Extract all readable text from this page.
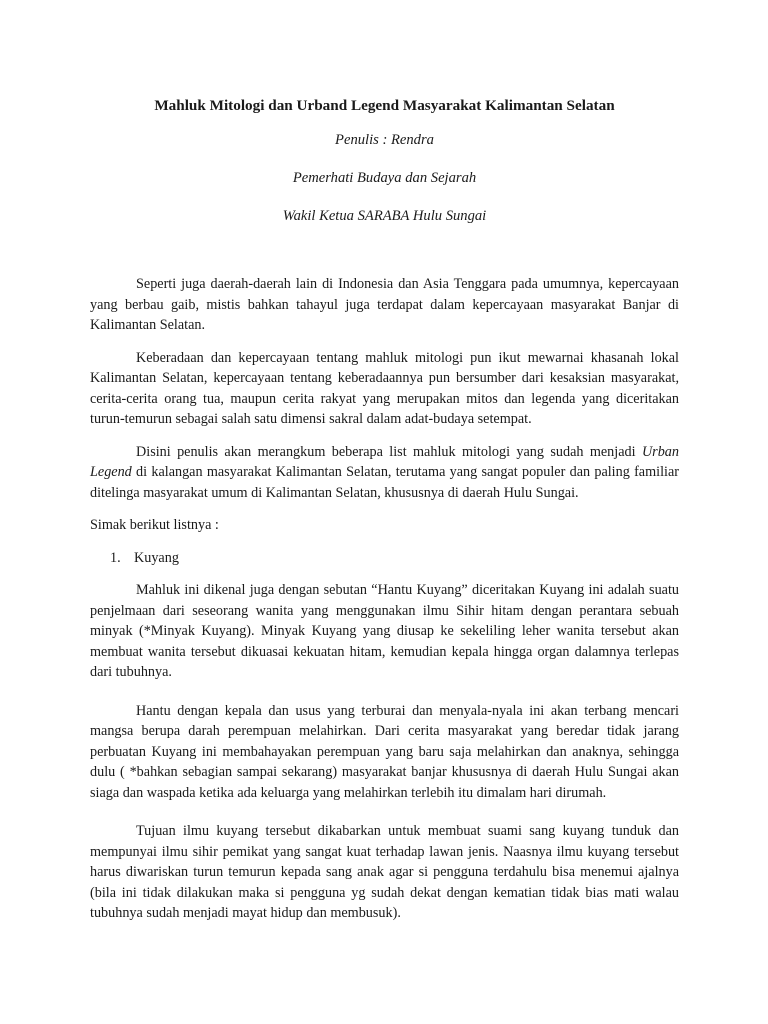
Mahluk Mitologi dan Urband Legend Masyarakat Kalimantan Selatan
Penulis : Rendra
Pemerhati Budaya dan Sejarah
Wakil Ketua SARABA Hulu Sungai

Seperti juga daerah-daerah lain di Indonesia dan Asia Tenggara pada umumnya, kepercayaan yang berbau gaib, mistis bahkan tahayul juga terdapat dalam kepercayaan masyarakat Banjar di Kalimantan Selatan.

Keberadaan dan kepercayaan tentang mahluk mitologi pun ikut mewarnai khasanah lokal Kalimantan Selatan, kepercayaan tentang keberadaannya pun bersumber dari kesaksian masyarakat, cerita-cerita orang tua, maupun cerita rakyat yang merupakan mitos dan legenda yang diceritakan turun-temurun sebagai salah satu dimensi sakral dalam adat-budaya setempat.

Disini penulis akan merangkum beberapa list mahluk mitologi yang sudah menjadi Urban Legend di kalangan masyarakat Kalimantan Selatan, terutama yang sangat populer dan paling familiar ditelinga masyarakat umum di Kalimantan Selatan, khususnya di daerah Hulu Sungai.

Simak berikut listnya :

1. Kuyang

Mahluk ini dikenal juga dengan sebutan “Hantu Kuyang” diceritakan Kuyang ini adalah suatu penjelmaan dari seseorang wanita yang menggunakan ilmu Sihir hitam dengan perantara sebuah minyak (*Minyak Kuyang). Minyak Kuyang yang diusap ke sekeliling leher wanita tersebut akan membuat wanita tersebut dikuasai kekuatan hitam, kemudian kepala hingga organ dalamnya terlepas dari tubuhnya.

Hantu dengan kepala dan usus yang terburai dan menyala-nyala ini akan terbang mencari mangsa berupa darah perempuan melahirkan. Dari cerita masyarakat yang beredar tidak jarang perbuatan Kuyang ini membahayakan perempuan yang baru saja melahirkan dan anaknya, sehingga dulu ( *bahkan sebagian sampai sekarang) masyarakat banjar khususnya di daerah Hulu Sungai akan siaga dan waspada ketika ada keluarga yang melahirkan terlebih itu dimalam hari dirumah.

Tujuan ilmu kuyang tersebut dikabarkan untuk membuat suami sang kuyang tunduk dan mempunyai ilmu sihir pemikat yang sangat kuat terhadap lawan jenis. Naasnya ilmu kuyang tersebut harus diwariskan turun temurun kepada sang anak agar si pengguna terdahulu bisa menemui ajalnya (bila ini tidak dilakukan maka si pengguna yg sudah dekat dengan kematian tidak bias mati walau tubuhnya sudah menjadi mayat hidup dan membusuk).
